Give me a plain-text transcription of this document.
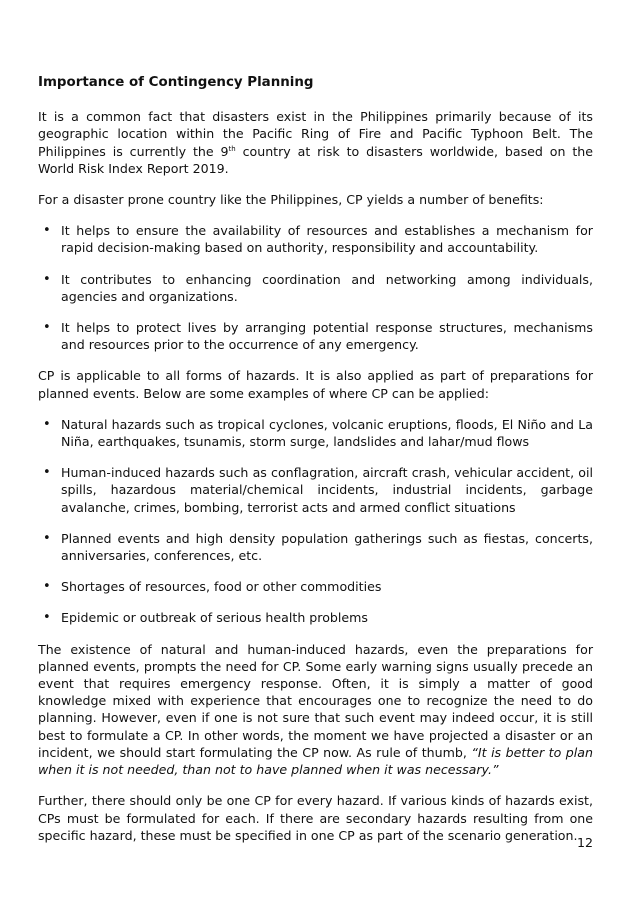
Importance of Contingency Planning

It is a common fact that disasters exist in the Philippines primarily because of its geographic location within the Pacific Ring of Fire and Pacific Typhoon Belt. The Philippines is currently the 9th country at risk to disasters worldwide, based on the World Risk Index Report 2019.

For a disaster prone country like the Philippines, CP yields a number of benefits:

• It helps to ensure the availability of resources and establishes a mechanism for rapid decision-making based on authority, responsibility and accountability.
• It contributes to enhancing coordination and networking among individuals, agencies and organizations.
• It helps to protect lives by arranging potential response structures, mechanisms and resources prior to the occurrence of any emergency.

CP is applicable to all forms of hazards. It is also applied as part of preparations for planned events. Below are some examples of where CP can be applied:

• Natural hazards such as tropical cyclones, volcanic eruptions, floods, El Niño and La Niña, earthquakes, tsunamis, storm surge, landslides and lahar/mud flows
• Human-induced hazards such as conflagration, aircraft crash, vehicular accident, oil spills, hazardous material/chemical incidents, industrial incidents, garbage avalanche, crimes, bombing, terrorist acts and armed conflict situations
• Planned events and high density population gatherings such as fiestas, concerts, anniversaries, conferences, etc.
• Shortages of resources, food or other commodities
• Epidemic or outbreak of serious health problems

The existence of natural and human-induced hazards, even the preparations for planned events, prompts the need for CP. Some early warning signs usually precede an event that requires emergency response. Often, it is simply a matter of good knowledge mixed with experience that encourages one to recognize the need to do planning. However, even if one is not sure that such event may indeed occur, it is still best to formulate a CP. In other words, the moment we have projected a disaster or an incident, we should start formulating the CP now. As rule of thumb, “It is better to plan when it is not needed, than not to have planned when it was necessary.”

Further, there should only be one CP for every hazard. If various kinds of hazards exist, CPs must be formulated for each. If there are secondary hazards resulting from one specific hazard, these must be specified in one CP as part of the scenario generation. 12
